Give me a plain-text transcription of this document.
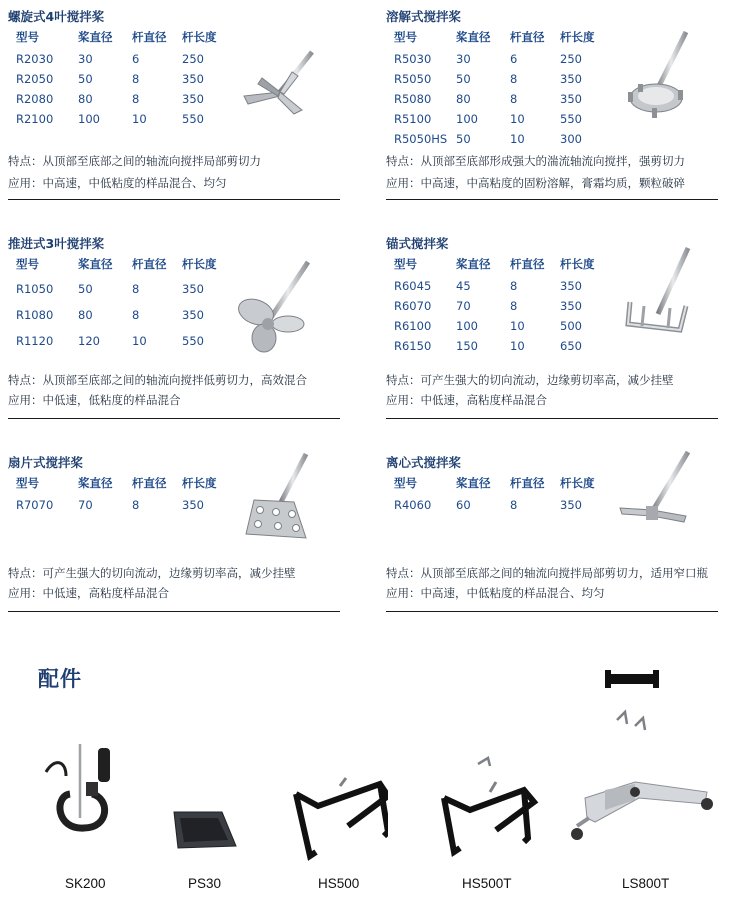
螺旋式4叶搅拌桨
型号	桨直径	杆直径	杆长度
R2030	30	6	250
R2050	50	8	350
R2080	80	8	350
R2100	100	10	550
特点：从顶部至底部之间的轴流向搅拌局部剪切力
应用：中高速，中低粘度的样品混合、均匀
溶解式搅拌桨
型号	桨直径	杆直径	杆长度
R5030	30	6	250
R5050	50	8	350
R5080	80	8	350
R5100	100	10	550
R5050HS	50	10	300
特点：从顶部至底部形成强大的湍流轴流向搅拌，强剪切力
应用：中高速，中高粘度的固粉溶解，膏霜均质，颗粒破碎
推进式3叶搅拌桨
型号	桨直径	杆直径	杆长度
R1050	50	8	350
R1080	80	8	350
R1120	120	10	550
特点：从顶部至底部之间的轴流向搅拌低剪切力，高效混合
应用：中低速，低粘度的样品混合
锚式搅拌桨
型号	桨直径	杆直径	杆长度
R6045	45	8	350
R6070	70	8	350
R6100	100	10	500
R6150	150	10	650
特点：可产生强大的切向流动，边缘剪切率高，减少挂壁
应用：中低速，高粘度样品混合
扇片式搅拌桨
型号	桨直径	杆直径	杆长度
R7070	70	8	350
特点：可产生强大的切向流动，边缘剪切率高，减少挂壁
应用：中低速，高粘度样品混合
离心式搅拌桨
型号	桨直径	杆直径	杆长度
R4060	60	8	350
特点：从顶部至底部之间的轴流向搅拌局部剪切力，适用窄口瓶
应用：中高速，中低粘度的样品混合、均匀
配件
SK200	PS30	HS500	HS500T	LS800T
